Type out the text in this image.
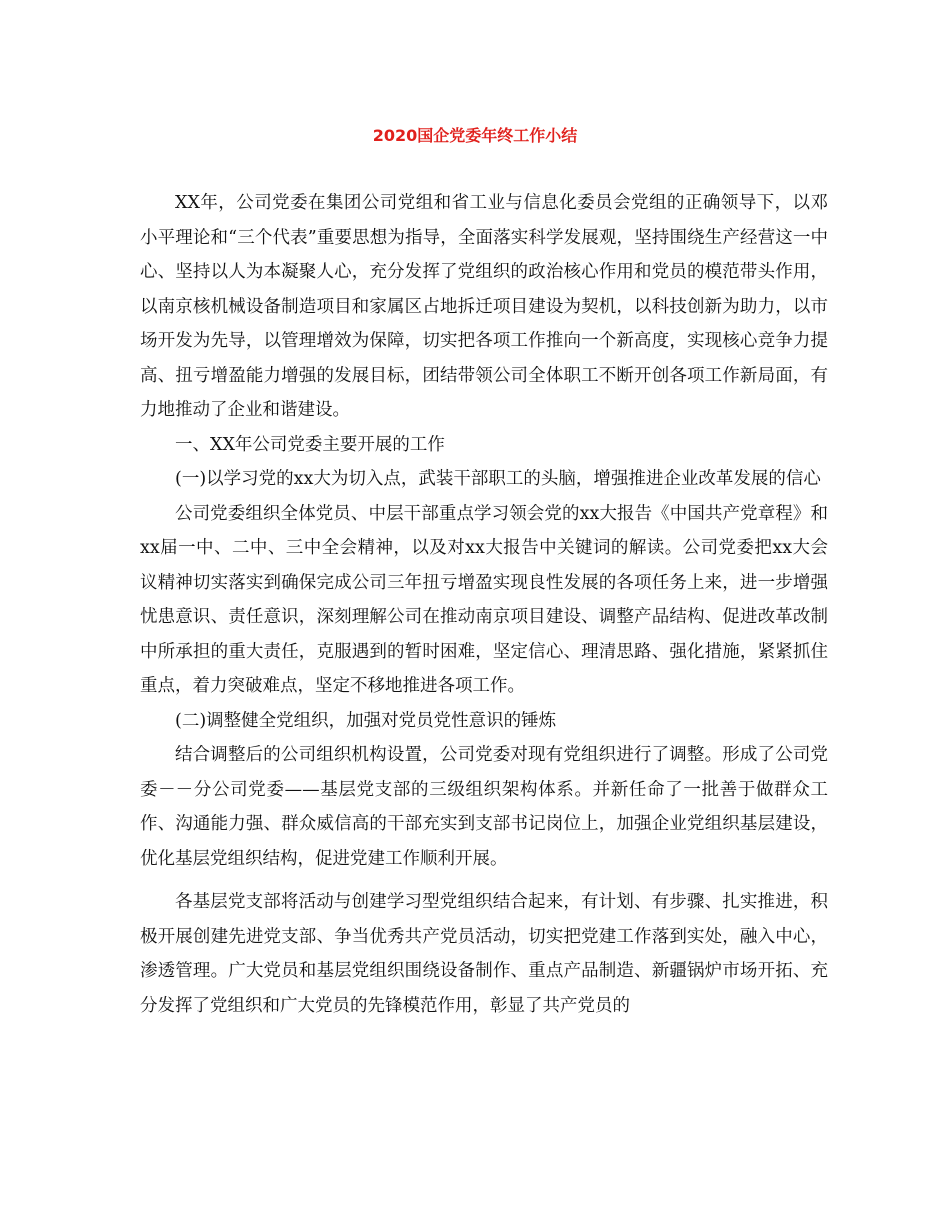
2020国企党委年终工作小结

XX年，公司党委在集团公司党组和省工业与信息化委员会党组的正确领导下，以邓小平理论和“三个代表”重要思想为指导，全面落实科学发展观，坚持围绕生产经营这一中心、坚持以人为本凝聚人心，充分发挥了党组织的政治核心作用和党员的模范带头作用，以南京核机械设备制造项目和家属区占地拆迁项目建设为契机，以科技创新为助力，以市场开发为先导，以管理增效为保障，切实把各项工作推向一个新高度，实现核心竞争力提高、扭亏增盈能力增强的发展目标，团结带领公司全体职工不断开创各项工作新局面，有力地推动了企业和谐建设。

一、XX年公司党委主要开展的工作

(一)以学习党的xx大为切入点，武装干部职工的头脑，增强推进企业改革发展的信心

公司党委组织全体党员、中层干部重点学习领会党的xx大报告《中国共产党章程》和xx届一中、二中、三中全会精神，以及对xx大报告中关键词的解读。公司党委把xx大会议精神切实落实到确保完成公司三年扭亏增盈实现良性发展的各项任务上来，进一步增强忧患意识、责任意识，深刻理解公司在推动南京项目建设、调整产品结构、促进改革改制中所承担的重大责任，克服遇到的暂时困难，坚定信心、理清思路、强化措施，紧紧抓住重点，着力突破难点，坚定不移地推进各项工作。

(二)调整健全党组织，加强对党员党性意识的锤炼

结合调整后的公司组织机构设置，公司党委对现有党组织进行了调整。形成了公司党委－－分公司党委——基层党支部的三级组织架构体系。并新任命了一批善于做群众工作、沟通能力强、群众威信高的干部充实到支部书记岗位上，加强企业党组织基层建设，优化基层党组织结构，促进党建工作顺利开展。

各基层党支部将活动与创建学习型党组织结合起来，有计划、有步骤、扎实推进，积极开展创建先进党支部、争当优秀共产党员活动，切实把党建工作落到实处，融入中心，渗透管理。广大党员和基层党组织围绕设备制作、重点产品制造、新疆锅炉市场开拓、充分发挥了党组织和广大党员的先锋模范作用，彰显了共产党员的
